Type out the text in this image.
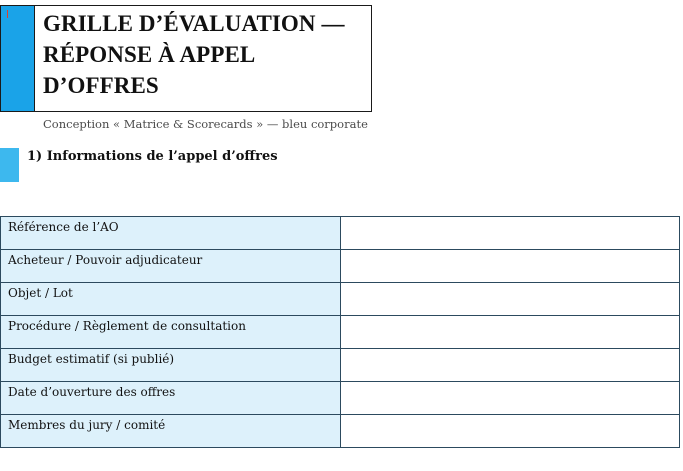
GRILLE D’ÉVALUATION —
RÉPONSE À APPEL D’OFFRES
Conception « Matrice & Scorecards » — bleu corporate
1) Informations de l’appel d’offres
Référence de l’AO	
Acheteur / Pouvoir adjudicateur	
Objet / Lot	
Procédure / Règlement de consultation	
Budget estimatif (si publié)	
Date d’ouverture des offres	
Membres du jury / comité	
